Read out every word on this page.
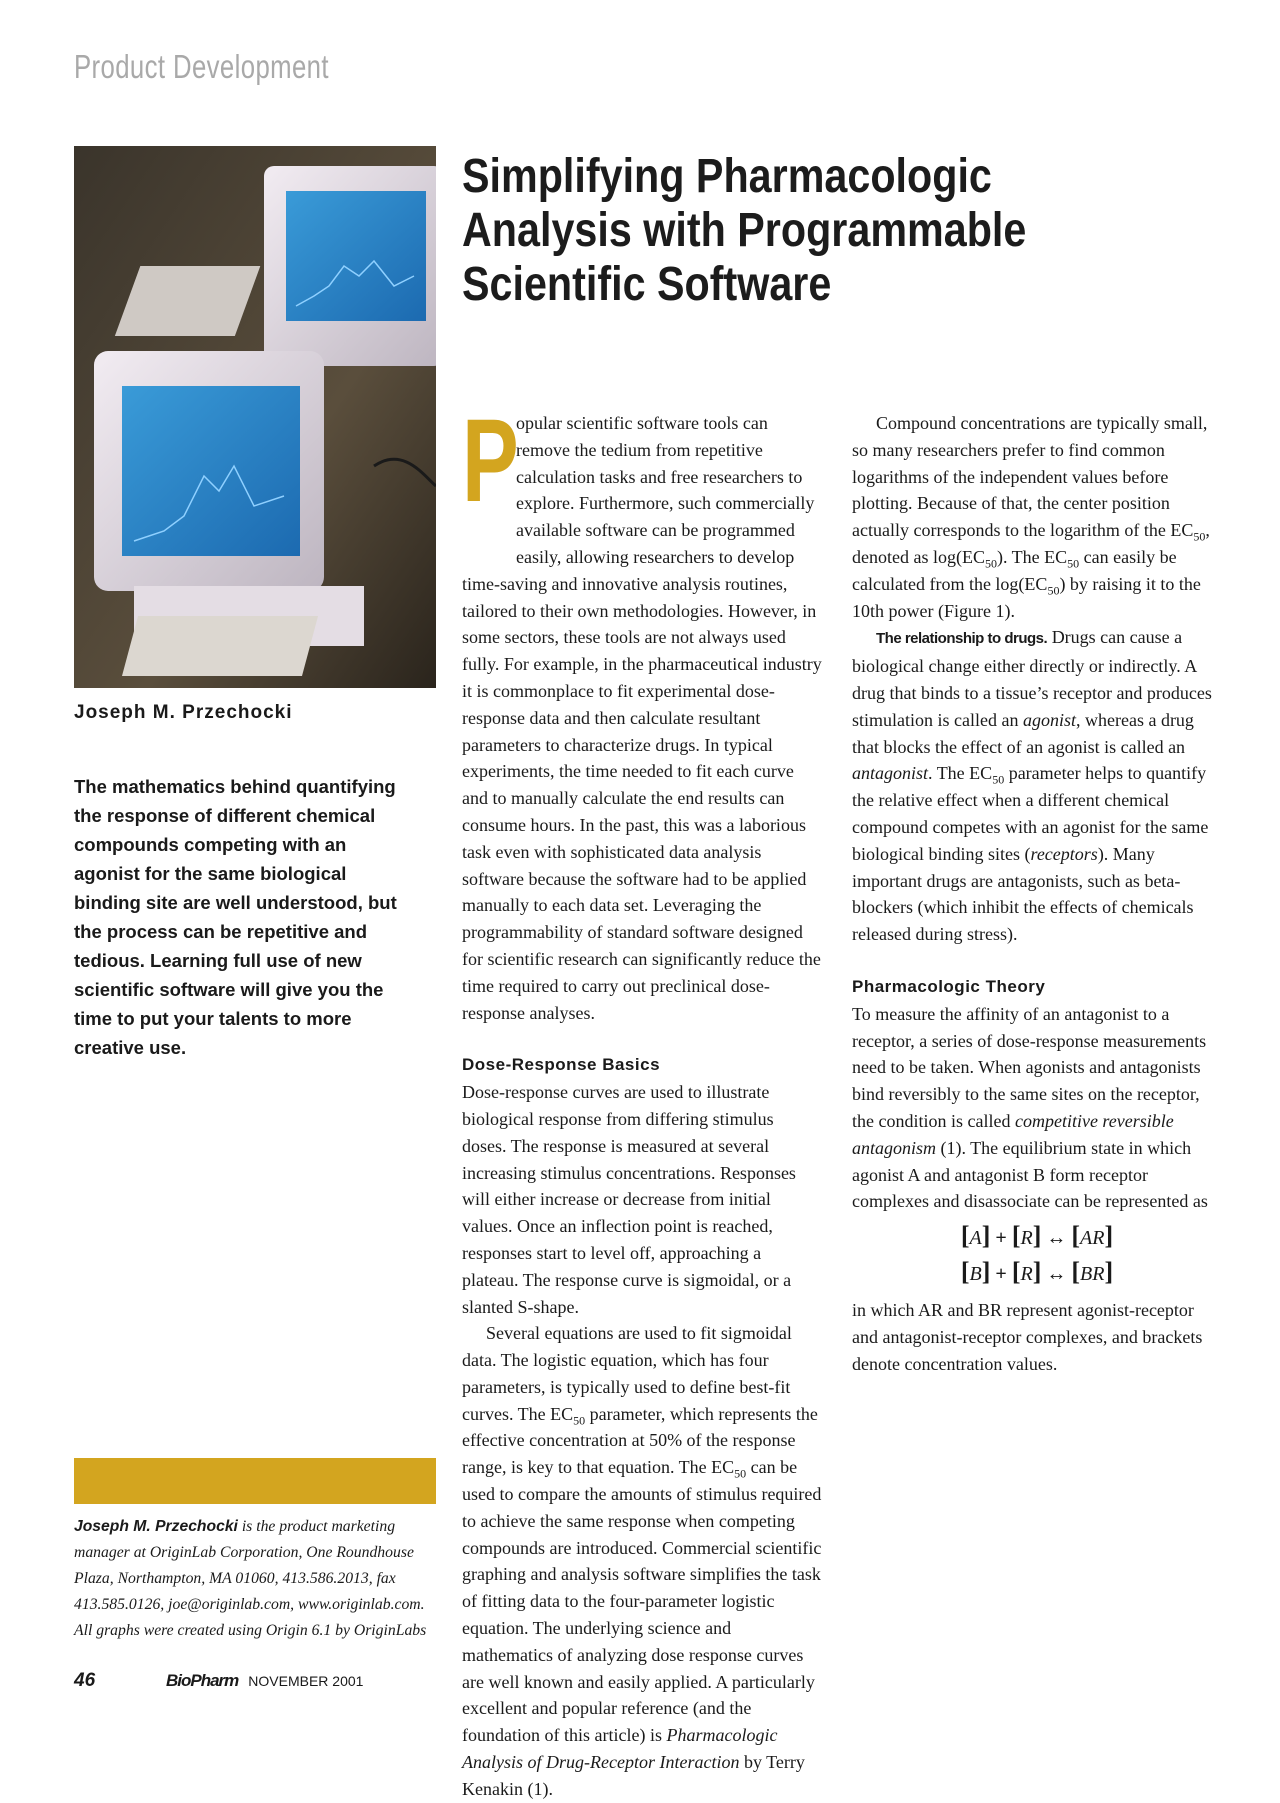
Product Development
Simplifying Pharmacologic Analysis with Programmable Scientific Software
Joseph M. Przechocki
The mathematics behind quantifying the response of different chemical compounds competing with an agonist for the same biological binding site are well understood, but the process can be repetitive and tedious. Learning full use of new scientific software will give you the time to put your talents to more creative use.
Joseph M. Przechocki is the product marketing manager at OriginLab Corporation, One Roundhouse Plaza, Northampton, MA 01060, 413.586.2013, fax 413.585.0126, joe@originlab.com, www.originlab.com. All graphs were created using Origin 6.1 by OriginLabs

P
opular scientific software tools can remove the tedium from repetitive calculation tasks and free researchers to explore. Furthermore, such commercially available software can be programmed easily, allowing researchers to develop time-saving and innovative analysis routines, tailored to their own methodologies. However, in some sectors, these tools are not always used fully. For example, in the pharmaceutical industry it is commonplace to fit experimental dose-response data and then calculate resultant parameters to characterize drugs. In typical experiments, the time needed to fit each curve and to manually calculate the end results can consume hours. In the past, this was a laborious task even with sophisticated data analysis software because the software had to be applied manually to each data set. Leveraging the programmability of standard software designed for scientific research can significantly reduce the time required to carry out preclinical dose-response analyses.

Dose-Response Basics

Dose-response curves are used to illustrate biological response from differing stimulus doses. The response is measured at several increasing stimulus concentrations. Responses will either increase or decrease from initial values. Once an inflection point is reached, responses start to level off, approaching a plateau. The response curve is sigmoidal, or a slanted S-shape.

Several equations are used to fit sigmoidal data. The logistic equation, which has four parameters, is typically used to define best-fit curves. The $EC_{50}$ parameter, which represents the effective concentration at 50% of the response range, is key to that equation. The $EC_{50}$ can be used to compare the amounts of stimulus required to achieve the same response when competing compounds are introduced. Commercial scientific graphing and analysis software simplifies the task of fitting data to the four-parameter logistic equation. The underlying science and mathematics of analyzing dose response curves are well known and easily applied. A particularly excellent and popular reference (and the foundation of this article) is Pharmacologic Analysis of Drug-Receptor Interaction by Terry Kenakin (1).

Compound concentrations are typically small, so many researchers prefer to find common logarithms of the independent values before plotting. Because of that, the center position actually corresponds to the logarithm of the $EC_{50}$, denoted as $\log(EC_{50})$. The $EC_{50}$ can easily be calculated from the $\log(EC_{50})$ by raising it to the 10th power (Figure 1).

The relationship to drugs. Drugs can cause a biological change either directly or indirectly. A drug that binds to a tissue’s receptor and produces stimulation is called an agonist, whereas a drug that blocks the effect of an agonist is called an antagonist. The $EC_{50}$ parameter helps to quantify the relative effect when a different chemical compound competes with an agonist for the same biological binding sites (receptors). Many important drugs are antagonists, such as beta-blockers (which inhibit the effects of chemicals released during stress).

Pharmacologic Theory

To measure the affinity of an antagonist to a receptor, a series of dose-response measurements need to be taken. When agonists and antagonists bind reversibly to the same sites on the receptor, the condition is called competitive reversible antagonism (1). The equilibrium state in which agonist A and antagonist B form receptor complexes and disassociate can be represented as

[A] + [R] ↔ [AR]
[B] + [R] ↔ [BR]

in which AR and BR represent agonist-receptor and antagonist-receptor complexes, and brackets denote concentration values.

46	BioPharm NOVEMBER 2001
